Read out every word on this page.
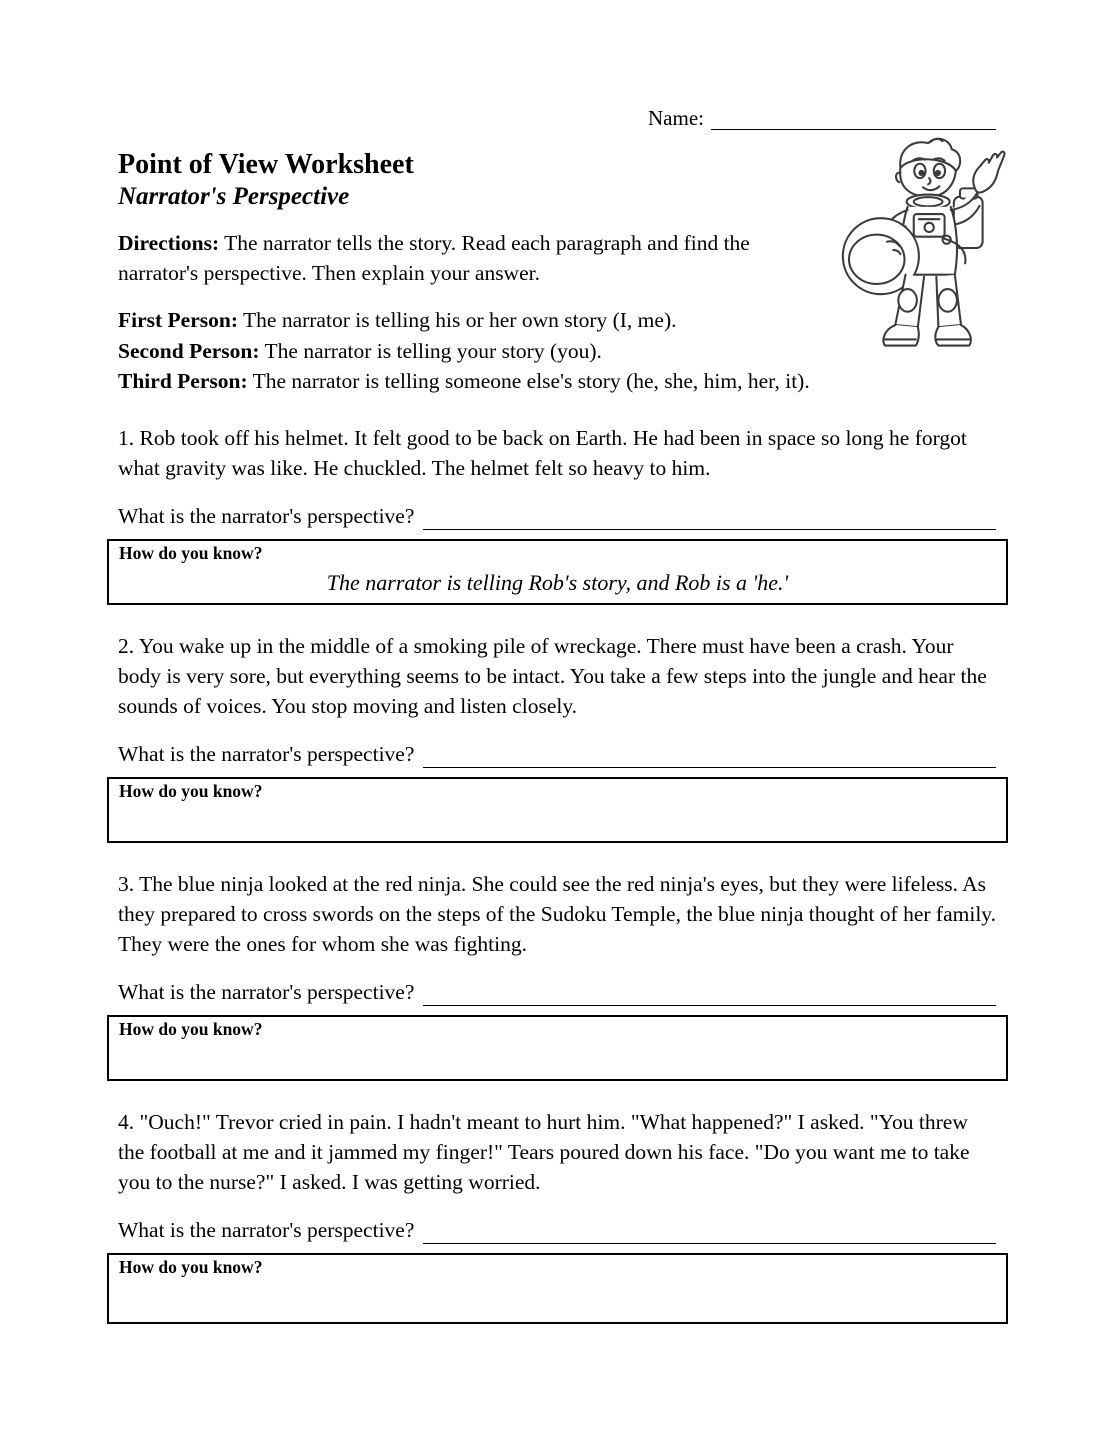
Name:
Point of View Worksheet
Narrator's Perspective

Directions: The narrator tells the story. Read each paragraph and find the narrator's perspective. Then explain your answer.

First Person: The narrator is telling his or her own story (I, me).
Second Person: The narrator is telling your story (you).
Third Person: The narrator is telling someone else's story (he, she, him, her, it).

1. Rob took off his helmet. It felt good to be back on Earth. He had been in space so long he forgot what gravity was like. He chuckled. The helmet felt so heavy to him.

What is the narrator's perspective?
How do you know?
The narrator is telling Rob's story, and Rob is a 'he.'

2. You wake up in the middle of a smoking pile of wreckage. There must have been a crash. Your body is very sore, but everything seems to be intact. You take a few steps into the jungle and hear the sounds of voices. You stop moving and listen closely.

What is the narrator's perspective?
How do you know?

3. The blue ninja looked at the red ninja. She could see the red ninja's eyes, but they were lifeless. As they prepared to cross swords on the steps of the Sudoku Temple, the blue ninja thought of her family. They were the ones for whom she was fighting.

What is the narrator's perspective?
How do you know?

4. "Ouch!" Trevor cried in pain. I hadn't meant to hurt him. "What happened?" I asked. "You threw the football at me and it jammed my finger!" Tears poured down his face. "Do you want me to take you to the nurse?" I asked. I was getting worried.

What is the narrator's perspective?
How do you know?
